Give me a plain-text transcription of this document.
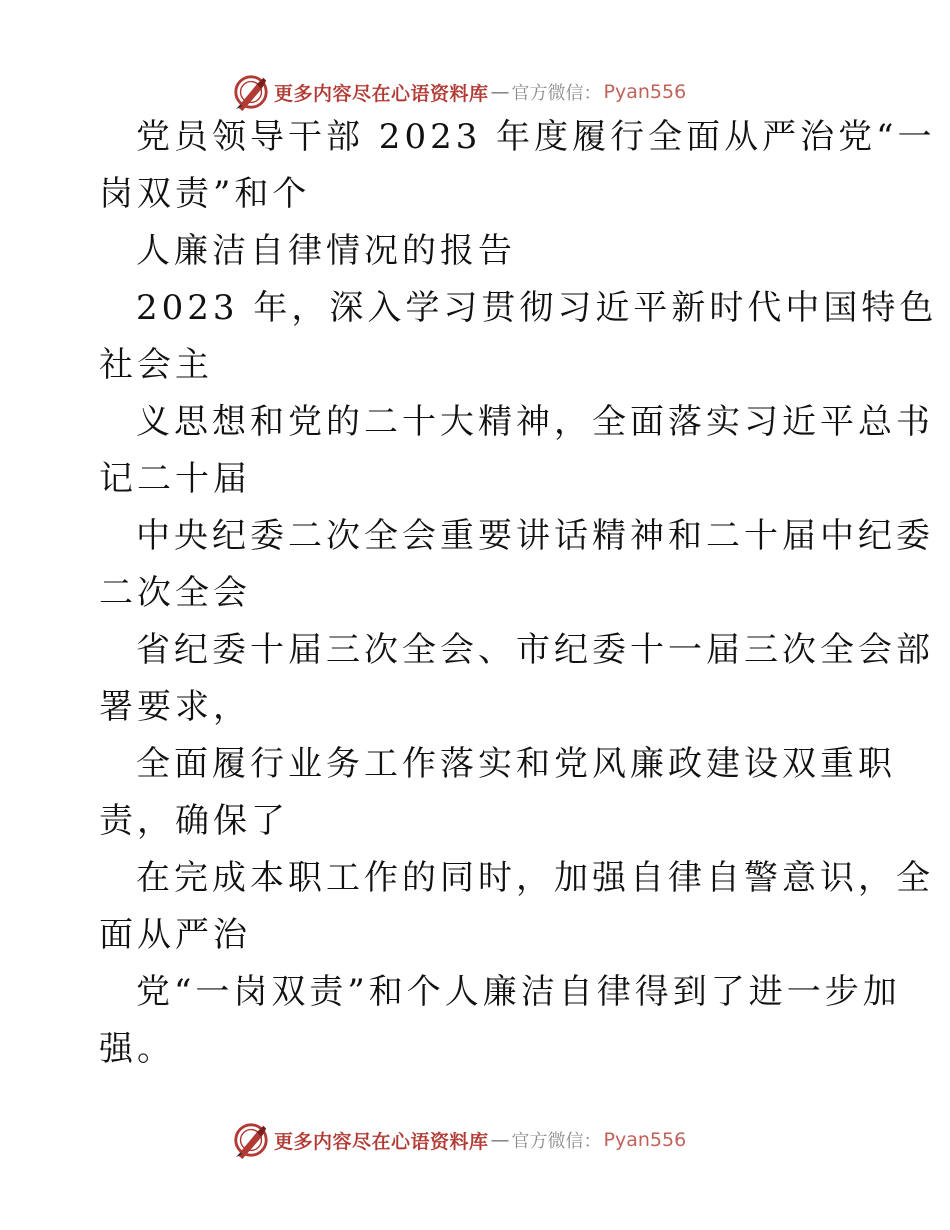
更多内容尽在心语资料库 — 官方微信： Pyan556
党员领导干部 2023 年度履行全面从严治党“一
岗双责”和个
人廉洁自律情况的报告
2023 年，深入学习贯彻习近平新时代中国特色
社会主
义思想和党的二十大精神，全面落实习近平总书
记二十届
中央纪委二次全会重要讲话精神和二十届中纪委
二次全会
省纪委十届三次全会、市纪委十一届三次全会部
署要求，
全面履行业务工作落实和党风廉政建设双重职
责，确保了
在完成本职工作的同时，加强自律自警意识，全
面从严治
党“一岗双责”和个人廉洁自律得到了进一步加
强。
更多内容尽在心语资料库 — 官方微信： Pyan556
